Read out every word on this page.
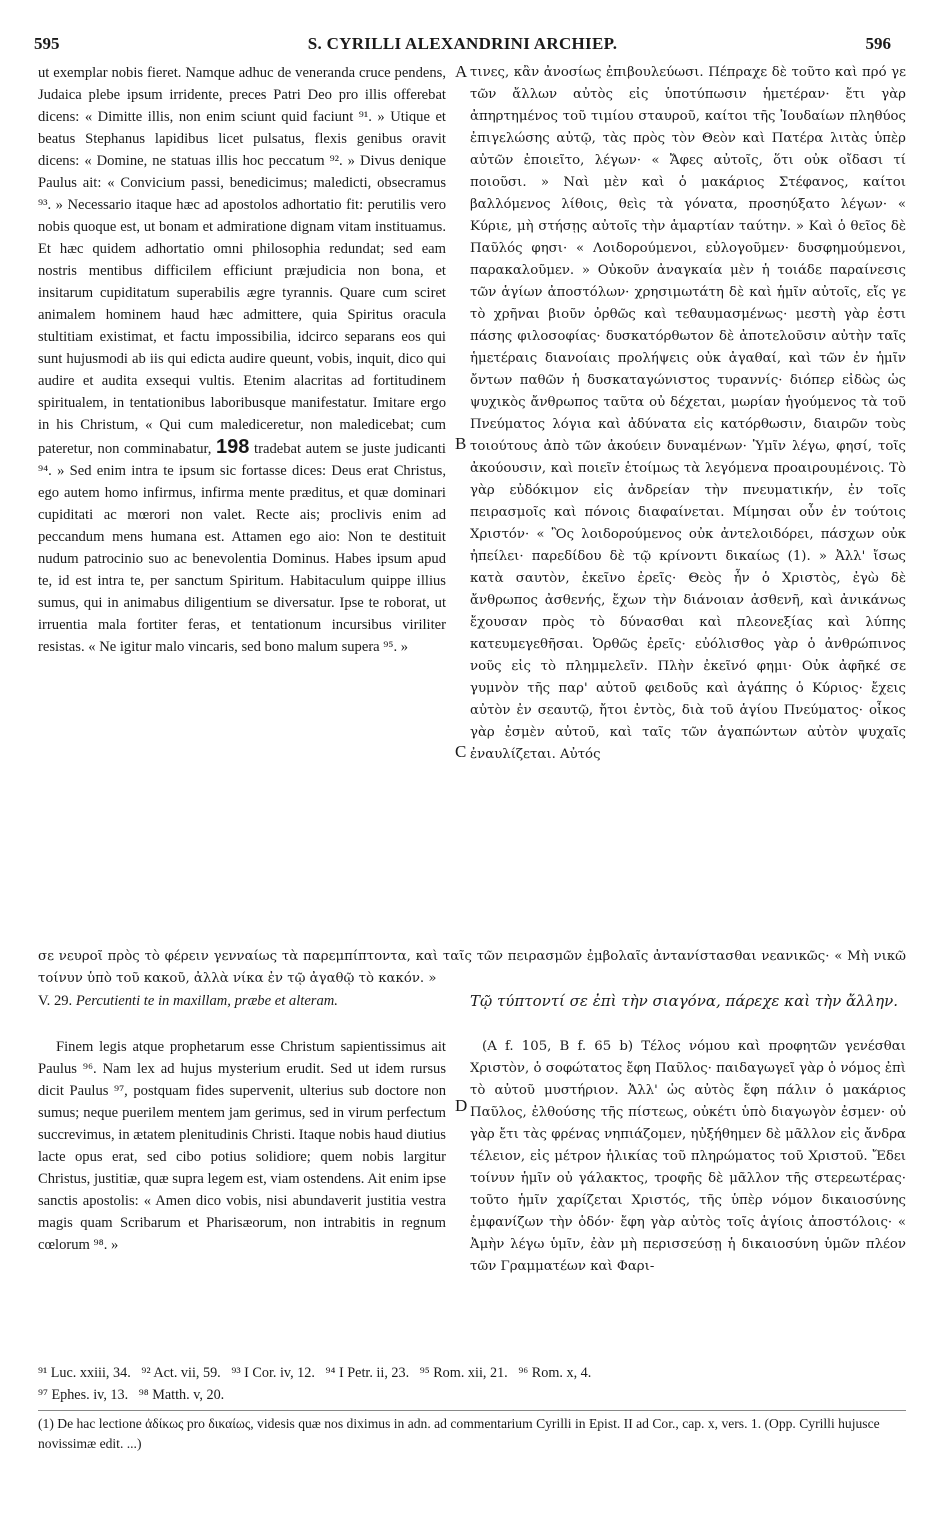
595	S. CYRILLI ALEXANDRINI ARCHIEP.	596

ut exemplar nobis fieret. Namque adhuc de veneranda cruce pendens, Judaica plebe ipsum irridente, preces Patri Deo pro illis offerebat dicens: « Dimitte illis, non enim sciunt quid faciunt ⁹¹. » Utique et beatus Stephanus lapidibus licet pulsatus, flexis genibus oravit dicens: « Domine, ne statuas illis hoc peccatum ⁹². » Divus denique Paulus ait: « Convicium passi, benedicimus; maledicti, obsecramus ⁹³. » Necessario itaque hæc ad apostolos adhortatio fit: perutilis vero nobis quoque est, ut bonam et admiratione dignam vitam instituamus. Et hæc quidem adhortatio omni philosophia redundat; sed eam nostris mentibus difficilem efficiunt præjudicia non bona, et insitarum cupiditatum superabilis ægre tyrannis. Quare cum sciret animalem hominem haud hæc admittere, quia Spiritus oracula stultitiam existimat, et factu impossibilia, idcirco separans eos qui sunt hujusmodi ab iis qui edicta audire queunt, vobis, inquit, dico qui audire et audita exsequi vultis. Etenim alacritas ad fortitudinem spiritualem, in tentationibus laboribusque manifestatur. Imitare ergo in his Christum, « Qui cum malediceretur, non maledicebat; cum pateretur, non comminabatur, 198 tradebat autem se juste judicanti ⁹⁴. » Sed enim intra te ipsum sic fortasse dices: Deus erat Christus, ego autem homo infirmus, infirma mente præditus, et quæ dominari cupiditati ac mœrori non valet. Recte ais; proclivis enim ad peccandum mens humana est. Attamen ego aio: Non te destituit nudum patrocinio suo ac benevolentia Dominus. Habes ipsum apud te, id est intra te, per sanctum Spiritum. Habitaculum quippe illius sumus, qui in animabus diligentium se diversatur. Ipse te roborat, ut irruentia mala fortiter feras, et tentationum incursibus viriliter resistas. « Ne igitur malo vincaris, sed bono malum supera ⁹⁵. »

A
B
C
D

τινες, κἂν ἀνοσίως ἐπιβουλεύωσι. Πέπραχε δὲ τοῦτο καὶ πρό γε τῶν ἄλλων αὐτὸς εἰς ὑποτύπωσιν ἡμετέραν· ἔτι γὰρ ἀπηρτημένος τοῦ τιμίου σταυροῦ, καίτοι τῆς Ἰουδαίων πληθύος ἐπιγελώσης αὐτῷ, τὰς πρὸς τὸν Θεὸν καὶ Πατέρα λιτὰς ὑπὲρ αὐτῶν ἐποιεῖτο, λέγων· « Ἄφες αὐτοῖς, ὅτι οὐκ οἴδασι τί ποιοῦσι. » Ναὶ μὲν καὶ ὁ μακάριος Στέφανος, καίτοι βαλλόμενος λίθοις, θεὶς τὰ γόνατα, προσηύξατο λέγων· « Κύριε, μὴ στήσῃς αὐτοῖς τὴν ἁμαρτίαν ταύτην. » Καὶ ὁ θεῖος δὲ Παῦλός φησι· « Λοιδορούμενοι, εὐλογοῦμεν· δυσφημούμενοι, παρακαλοῦμεν. » Οὐκοῦν ἀναγκαία μὲν ἡ τοιάδε παραίνεσις τῶν ἁγίων ἀποστόλων· χρησιμωτάτη δὲ καὶ ἡμῖν αὐτοῖς, εἴς γε τὸ χρῆναι βιοῦν ὀρθῶς καὶ τεθαυμασμένως· μεστὴ γὰρ ἐστι πάσης φιλοσοφίας· δυσκατόρθωτον δὲ ἀποτελοῦσιν αὐτὴν ταῖς ἡμετέραις διανοίαις προλήψεις οὐκ ἀγαθαί, καὶ τῶν ἐν ἡμῖν ὄντων παθῶν ἡ δυσκαταγώνιστος τυραννίς· διόπερ εἰδὼς ὡς ψυχικὸς ἄνθρωπος ταῦτα οὐ δέχεται, μωρίαν ἡγούμενος τὰ τοῦ Πνεύματος λόγια καὶ ἀδύνατα εἰς κατόρθωσιν, διαιρῶν τοὺς τοιούτους ἀπὸ τῶν ἀκούειν δυναμένων· Ὑμῖν λέγω, φησί, τοῖς ἀκούουσιν, καὶ ποιεῖν ἑτοίμως τὰ λεγόμενα προαιρουμένοις. Τὸ γὰρ εὐδόκιμον εἰς ἀνδρείαν τὴν πνευματικήν, ἐν τοῖς πειρασμοῖς καὶ πόνοις διαφαίνεται. Μίμησαι οὖν ἐν τούτοις Χριστόν· « Ὃς λοιδορούμενος οὐκ ἀντελοιδόρει, πάσχων οὐκ ἠπείλει· παρεδίδου δὲ τῷ κρίνοντι δικαίως (1). » Ἀλλ' ἴσως κατὰ σαυτὸν, ἐκεῖνο ἐρεῖς· Θεὸς ἦν ὁ Χριστὸς, ἐγὼ δὲ ἄνθρωπος ἀσθενής, ἔχων τὴν διάνοιαν ἀσθενῆ, καὶ ἀνικάνως ἔχουσαν πρὸς τὸ δύνασθαι καὶ πλεονεξίας καὶ λύπης κατευμεγεθῆσαι. Ὀρθῶς ἐρεῖς· εὐόλισθος γὰρ ὁ ἀνθρώπινος νοῦς εἰς τὸ πλημμελεῖν. Πλὴν ἐκεῖνό φημι· Οὐκ ἀφῆκέ σε γυμνὸν τῆς παρ' αὐτοῦ φειδοῦς καὶ ἀγάπης ὁ Κύριος· ἔχεις αὐτὸν ἐν σεαυτῷ, ἤτοι ἐντὸς, διὰ τοῦ ἁγίου Πνεύματος· οἶκος γὰρ ἐσμὲν αὐτοῦ, καὶ ταῖς τῶν ἀγαπώντων αὐτὸν ψυχαῖς ἐναυλίζεται. Αὐτός

σε νευροῖ πρὸς τὸ φέρειν γενναίως τὰ παρεμπίπτοντα, καὶ ταῖς τῶν πειρασμῶν ἐμβολαῖς ἀντανίστασθαι νεανικῶς· « Μὴ νικῶ τοίνυν ὑπὸ τοῦ κακοῦ, ἀλλὰ νίκα ἐν τῷ ἀγαθῷ τὸ κακόν. »

V. 29. Percutienti te in maxillam, præbe et alteram.	Τῷ τύπτοντί σε ἐπὶ τὴν σιαγόνα, πάρεχε καὶ τὴν ἄλλην.

Finem legis atque prophetarum esse Christum sapientissimus ait Paulus ⁹⁶. Nam lex ad hujus mysterium erudit. Sed ut idem rursus dicit Paulus ⁹⁷, postquam fides supervenit, ulterius sub doctore non sumus; neque puerilem mentem jam gerimus, sed in virum perfectum succrevimus, in ætatem plenitudinis Christi. Itaque nobis haud diutius lacte opus erat, sed cibo potius solidiore; quem nobis largitur Christus, justitiæ, quæ supra legem est, viam ostendens. Ait enim ipse sanctis apostolis: « Amen dico vobis, nisi abundaverit justitia vestra magis quam Scribarum et Pharisæorum, non intrabitis in regnum cœlorum ⁹⁸. »

(A f. 105, B f. 65 b) Τέλος νόμου καὶ προφητῶν γενέσθαι Χριστὸν, ὁ σοφώτατος ἔφη Παῦλος· παιδαγωγεῖ γὰρ ὁ νόμος ἐπὶ τὸ αὐτοῦ μυστήριον. Ἀλλ' ὡς αὐτὸς ἔφη πάλιν ὁ μακάριος Παῦλος, ἐλθούσης τῆς πίστεως, οὐκέτι ὑπὸ διαγωγὸν ἐσμεν· οὐ γὰρ ἔτι τὰς φρένας νηπιάζομεν, ηὐξήθημεν δὲ μᾶλλον εἰς ἄνδρα τέλειον, εἰς μέτρον ἡλικίας τοῦ πληρώματος τοῦ Χριστοῦ. Ἔδει τοίνυν ἡμῖν οὐ γάλακτος, τροφῆς δὲ μᾶλλον τῆς στερεωτέρας· τοῦτο ἡμῖν χαρίζεται Χριστός, τῆς ὑπὲρ νόμον δικαιοσύνης ἐμφανίζων τὴν ὁδόν· ἔφη γὰρ αὐτὸς τοῖς ἁγίοις ἀποστόλοις· « Ἀμὴν λέγω ὑμῖν, ἐὰν μὴ περισσεύσῃ ἡ δικαιοσύνη ὑμῶν πλέον τῶν Γραμματέων καὶ Φαρι-

⁹¹ Luc. xxiii, 34.   ⁹² Act. vii, 59.   ⁹³ I Cor. iv, 12.   ⁹⁴ I Petr. ii, 23.   ⁹⁵ Rom. xii, 21.   ⁹⁶ Rom. x, 4.
⁹⁷ Ephes. iv, 13.   ⁹⁸ Matth. v, 20.
(1) De hac lectione ἀδίκως pro δικαίως, videsis quæ nos diximus in adn. ad commentarium Cyrilli in Epist. II ad Cor., cap. x, vers. 1. (Opp. Cyrilli hujusce novissimæ edit. ...)
